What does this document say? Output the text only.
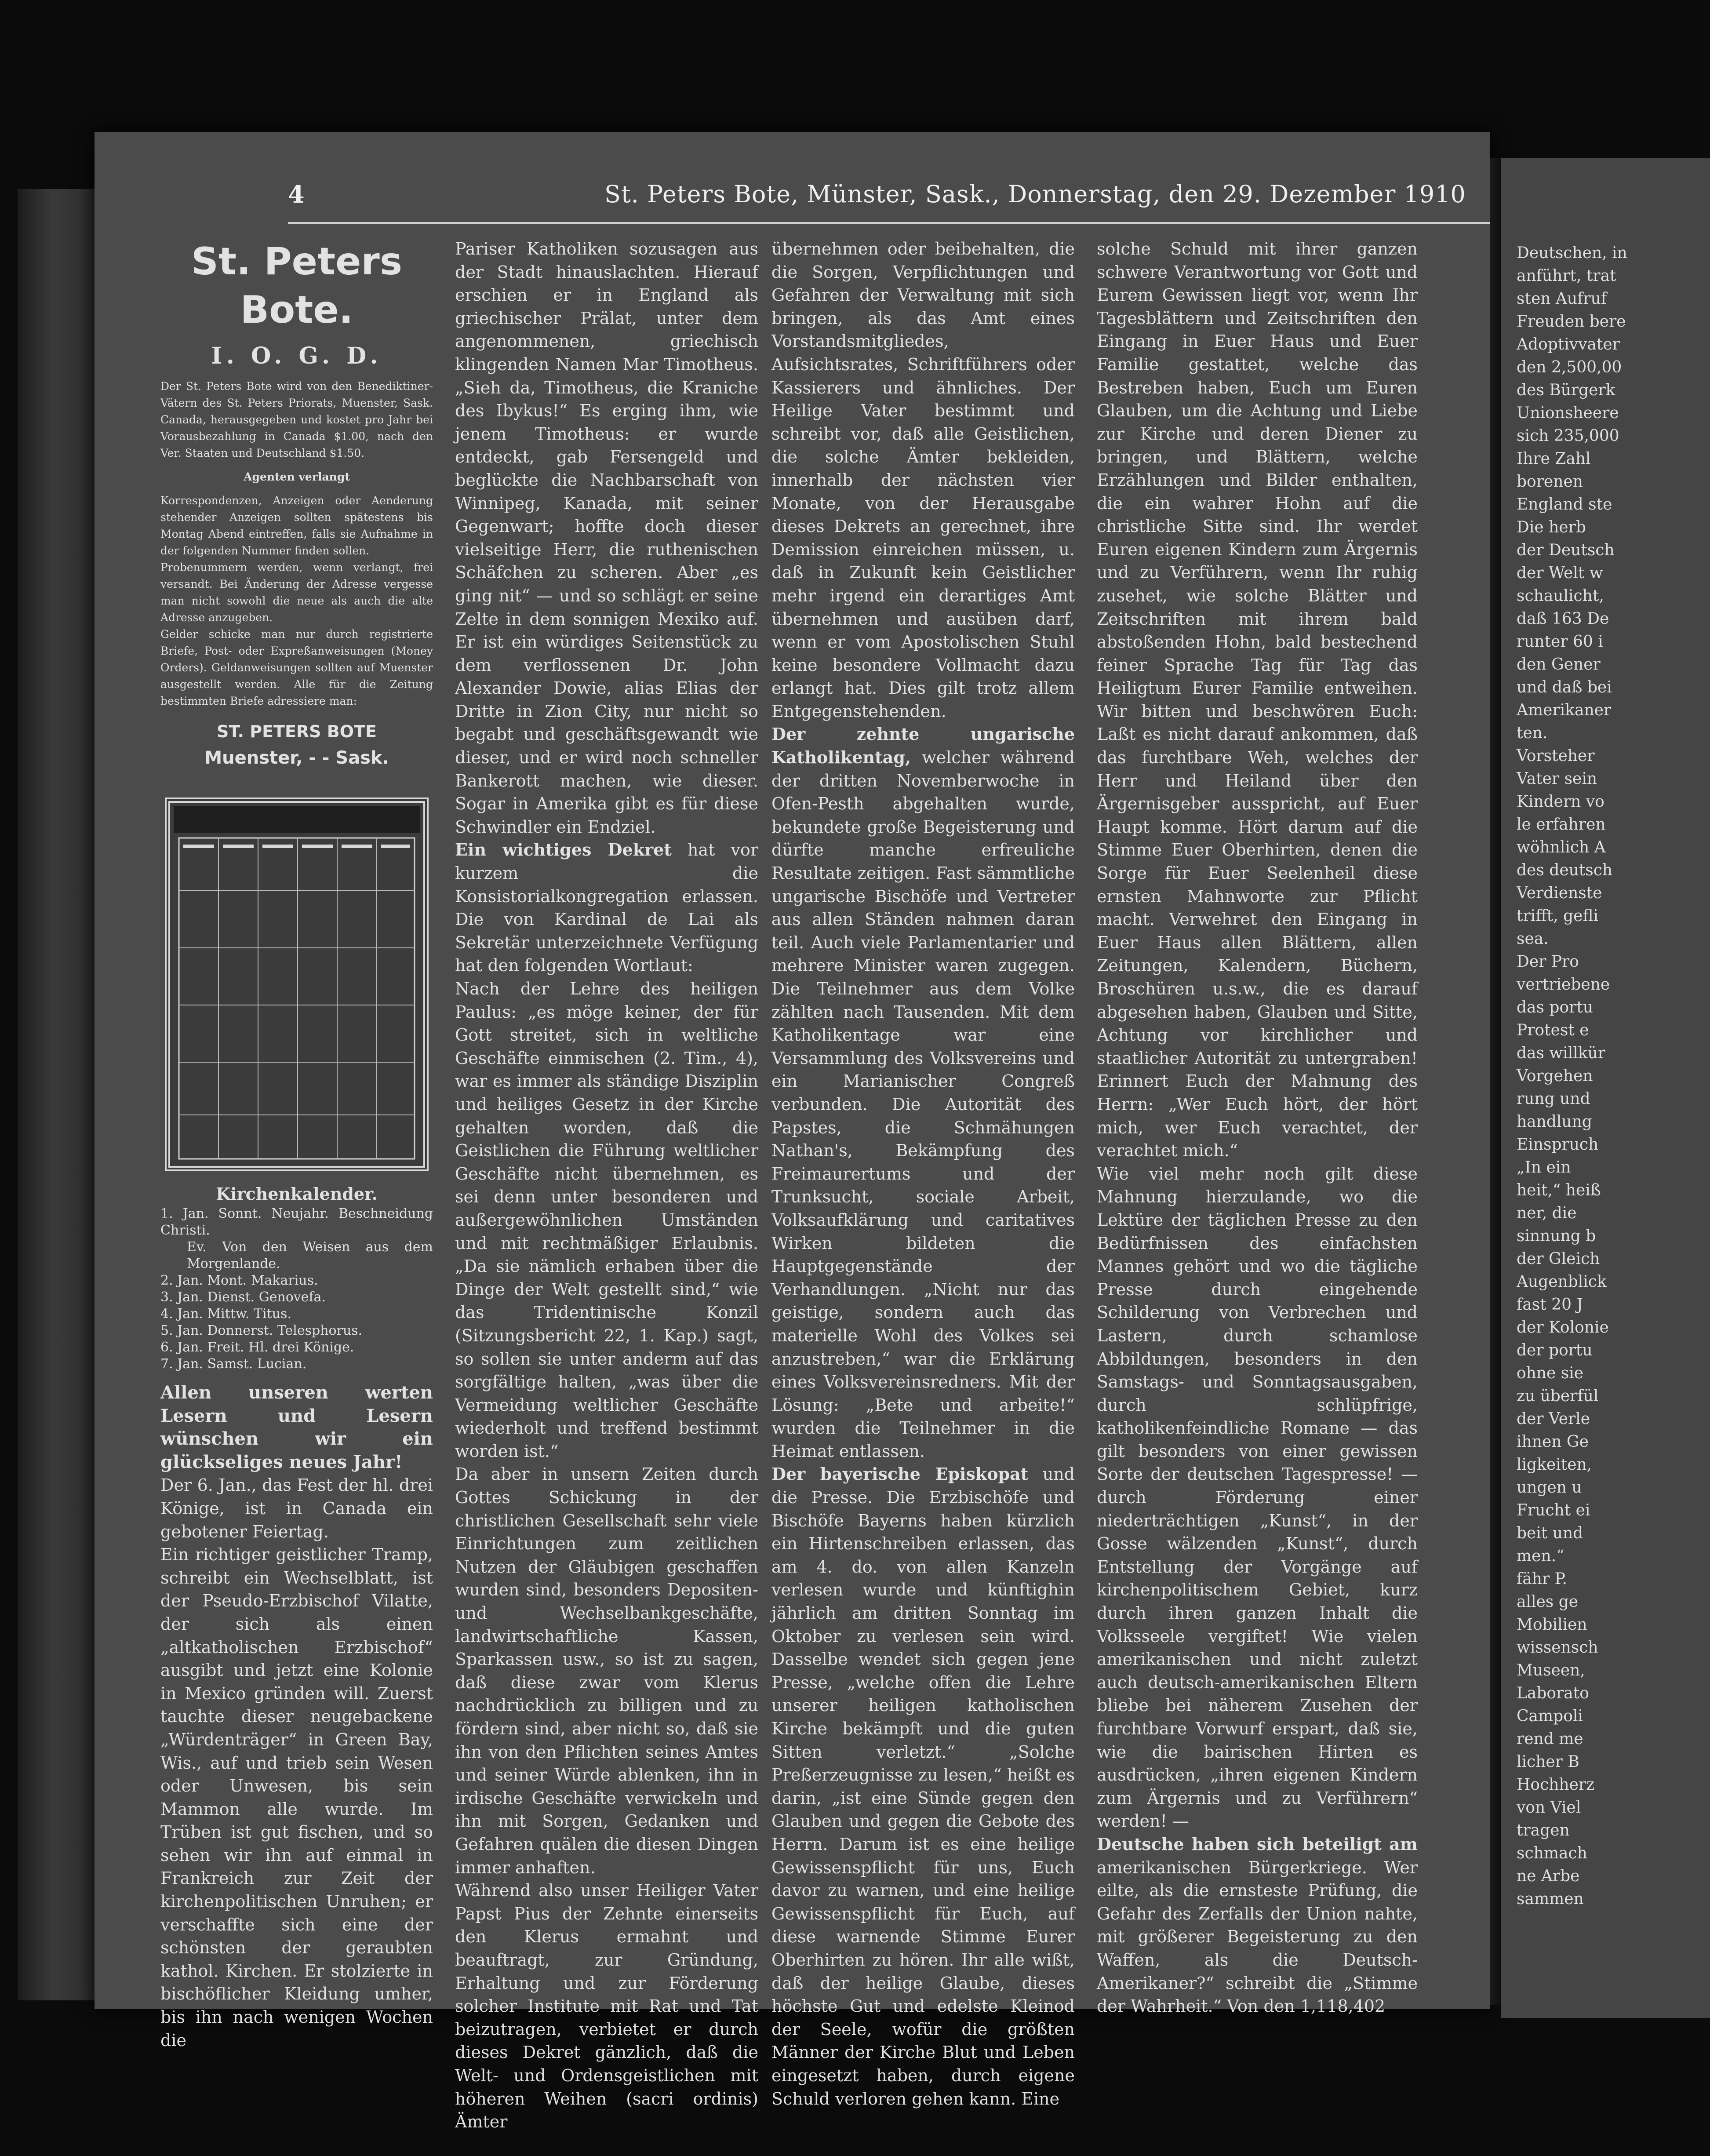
4	St. Peters Bote, Münster, Sask., Donnerstag, den 29. Dezember 1910

St. Peters Bote.

I. O. G. D.

Der St. Peters Bote wird von den Benediktiner-Vätern des St. Peters Priorats, Muenster, Sask. Canada, herausgegeben und kostet pro Jahr bei Vorausbezahlung in Canada $1.00, nach den Ver. Staaten und Deutschland $1.50.

Agenten verlangt

Korrespondenzen, Anzeigen oder Aenderung stehender Anzeigen sollten spätestens bis Montag Abend eintreffen, falls sie Aufnahme in der folgenden Nummer finden sollen.

Probenummern werden, wenn verlangt, frei versandt. Bei Änderung der Adresse vergesse man nicht sowohl die neue als auch die alte Adresse anzugeben.

Gelder schicke man nur durch registrierte Briefe, Post- oder Expreßanweisungen (Money Orders). Geldanweisungen sollten auf Muenster ausgestellt werden. Alle für die Zeitung bestimmten Briefe adressiere man:

ST. PETERS BOTE

Muenster, - - Sask.

Kirchenkalender.

1. Jan. Sonnt. Neujahr. Beschneidung Christi.

Ev. Von den Weisen aus dem Morgenlande.

2. Jan. Mont. Makarius.

3. Jan. Dienst. Genovefa.

4. Jan. Mittw. Titus.

5. Jan. Donnerst. Telesphorus.

6. Jan. Freit. Hl. drei Könige.

7. Jan. Samst. Lucian.

Allen unseren werten Lesern und Lesern wünschen wir ein glückseliges neues Jahr!

Der 6. Jan., das Fest der hl. drei Könige, ist in Canada ein gebotener Feiertag.

Ein richtiger geistlicher Tramp, schreibt ein Wechselblatt, ist der Pseudo-Erzbischof Vilatte, der sich als einen „altkatholischen Erzbischof“ ausgibt und jetzt eine Kolonie in Mexico gründen will. Zuerst tauchte dieser neugebackene „Würdenträger“ in Green Bay, Wis., auf und trieb sein Wesen oder Unwesen, bis sein Mammon alle wurde. Im Trüben ist gut fischen, und so sehen wir ihn auf einmal in Frankreich zur Zeit der kirchenpolitischen Unruhen; er verschaffte sich eine der schönsten der geraubten kathol. Kirchen. Er stolzierte in bischöflicher Kleidung umher, bis ihn nach wenigen Wochen die

Pariser Katholiken sozusagen aus der Stadt hinauslachten. Hierauf erschien er in England als griechischer Prälat, unter dem angenommenen, griechisch klingenden Namen Mar Timotheus. „Sieh da, Timotheus, die Kraniche des Ibykus!“ Es erging ihm, wie jenem Timotheus: er wurde entdeckt, gab Fersengeld und beglückte die Nachbarschaft von Winnipeg, Kanada, mit seiner Gegenwart; hoffte doch dieser vielseitige Herr, die ruthenischen Schäfchen zu scheren. Aber „es ging nit“ — und so schlägt er seine Zelte in dem sonnigen Mexiko auf. Er ist ein würdiges Seitenstück zu dem verflossenen Dr. John Alexander Dowie, alias Elias der Dritte in Zion City, nur nicht so begabt und geschäftsgewandt wie dieser, und er wird noch schneller Bankerott machen, wie dieser. Sogar in Amerika gibt es für diese Schwindler ein Endziel.

Ein wichtiges Dekret hat vor kurzem die Konsistorialkongregation erlassen. Die von Kardinal de Lai als Sekretär unterzeichnete Verfügung hat den folgenden Wortlaut:

Nach der Lehre des heiligen Paulus: „es möge keiner, der für Gott streitet, sich in weltliche Geschäfte einmischen (2. Tim., 4), war es immer als ständige Disziplin und heiliges Gesetz in der Kirche gehalten worden, daß die Geistlichen die Führung weltlicher Geschäfte nicht übernehmen, es sei denn unter besonderen und außergewöhnlichen Umständen und mit rechtmäßiger Erlaubnis. „Da sie nämlich erhaben über die Dinge der Welt gestellt sind,“ wie das Tridentinische Konzil (Sitzungsbericht 22, 1. Kap.) sagt, so sollen sie unter anderm auf das sorgfältige halten, „was über die Vermeidung weltlicher Geschäfte wiederholt und treffend bestimmt worden ist.“

Da aber in unsern Zeiten durch Gottes Schickung in der christlichen Gesellschaft sehr viele Einrichtungen zum zeitlichen Nutzen der Gläubigen geschaffen wurden sind, besonders Depositen- und Wechselbankgeschäfte, landwirtschaftliche Kassen, Sparkassen usw., so ist zu sagen, daß diese zwar vom Klerus nachdrücklich zu billigen und zu fördern sind, aber nicht so, daß sie ihn von den Pflichten seines Amtes und seiner Würde ablenken, ihn in irdische Geschäfte verwickeln und ihn mit Sorgen, Gedanken und Gefahren quälen die diesen Dingen immer anhaften.

Während also unser Heiliger Vater Papst Pius der Zehnte einerseits den Klerus ermahnt und beauftragt, zur Gründung, Erhaltung und zur Förderung solcher Institute mit Rat und Tat beizutragen, verbietet er durch dieses Dekret gänzlich, daß die Welt- und Ordensgeistlichen mit höheren Weihen (sacri ordinis) Ämter

übernehmen oder beibehalten, die die Sorgen, Verpflichtungen und Gefahren der Verwaltung mit sich bringen, als das Amt eines Vorstandsmitgliedes, Aufsichtsrates, Schriftführers oder Kassierers und ähnliches. Der Heilige Vater bestimmt und schreibt vor, daß alle Geistlichen, die solche Ämter bekleiden, innerhalb der nächsten vier Monate, von der Herausgabe dieses Dekrets an gerechnet, ihre Demission einreichen müssen, u. daß in Zukunft kein Geistlicher mehr irgend ein derartiges Amt übernehmen und ausüben darf, wenn er vom Apostolischen Stuhl keine besondere Vollmacht dazu erlangt hat. Dies gilt trotz allem Entgegenstehenden.

Der zehnte ungarische Katholikentag, welcher während der dritten Novemberwoche in Ofen-Pesth abgehalten wurde, bekundete große Begeisterung und dürfte manche erfreuliche Resultate zeitigen. Fast sämmtliche ungarische Bischöfe und Vertreter aus allen Ständen nahmen daran teil. Auch viele Parlamentarier und mehrere Minister waren zugegen. Die Teilnehmer aus dem Volke zählten nach Tausenden. Mit dem Katholikentage war eine Versammlung des Volksvereins und ein Marianischer Congreß verbunden. Die Autorität des Papstes, die Schmähungen Nathan's, Bekämpfung des Freimaurertums und der Trunksucht, sociale Arbeit, Volksaufklärung und caritatives Wirken bildeten die Hauptgegenstände der Verhandlungen. „Nicht nur das geistige, sondern auch das materielle Wohl des Volkes sei anzustreben,“ war die Erklärung eines Volksvereinsredners. Mit der Lösung: „Bete und arbeite!“ wurden die Teilnehmer in die Heimat entlassen.

Der bayerische Episkopat und die Presse. Die Erzbischöfe und Bischöfe Bayerns haben kürzlich ein Hirtenschreiben erlassen, das am 4. do. von allen Kanzeln verlesen wurde und künftighin jährlich am dritten Sonntag im Oktober zu verlesen sein wird. Dasselbe wendet sich gegen jene Presse, „welche offen die Lehre unserer heiligen katholischen Kirche bekämpft und die guten Sitten verletzt.“ „Solche Preßerzeugnisse zu lesen,“ heißt es darin, „ist eine Sünde gegen den Glauben und gegen die Gebote des Herrn. Darum ist es eine heilige Gewissenspflicht für uns, Euch davor zu warnen, und eine heilige Gewissenspflicht für Euch, auf diese warnende Stimme Eurer Oberhirten zu hören. Ihr alle wißt, daß der heilige Glaube, dieses höchste Gut und edelste Kleinod der Seele, wofür die größten Männer der Kirche Blut und Leben eingesetzt haben, durch eigene Schuld verloren gehen kann. Eine

solche Schuld mit ihrer ganzen schwere Verantwortung vor Gott und Eurem Gewissen liegt vor, wenn Ihr Tagesblättern und Zeitschriften den Eingang in Euer Haus und Euer Familie gestattet, welche das Bestreben haben, Euch um Euren Glauben, um die Achtung und Liebe zur Kirche und deren Diener zu bringen, und Blättern, welche Erzählungen und Bilder enthalten, die ein wahrer Hohn auf die christliche Sitte sind. Ihr werdet Euren eigenen Kindern zum Ärgernis und zu Verführern, wenn Ihr ruhig zusehet, wie solche Blätter und Zeitschriften mit ihrem bald abstoßenden Hohn, bald bestechend feiner Sprache Tag für Tag das Heiligtum Eurer Familie entweihen. Wir bitten und beschwören Euch: Laßt es nicht darauf ankommen, daß das furchtbare Weh, welches der Herr und Heiland über den Ärgernisgeber ausspricht, auf Euer Haupt komme. Hört darum auf die Stimme Euer Oberhirten, denen die Sorge für Euer Seelenheil diese ernsten Mahnworte zur Pflicht macht. Verwehret den Eingang in Euer Haus allen Blättern, allen Zeitungen, Kalendern, Büchern, Broschüren u.s.w., die es darauf abgesehen haben, Glauben und Sitte, Achtung vor kirchlicher und staatlicher Autorität zu untergraben! Erinnert Euch der Mahnung des Herrn: „Wer Euch hört, der hört mich, wer Euch verachtet, der verachtet mich.“

Wie viel mehr noch gilt diese Mahnung hierzulande, wo die Lektüre der täglichen Presse zu den Bedürfnissen des einfachsten Mannes gehört und wo die tägliche Presse durch eingehende Schilderung von Verbrechen und Lastern, durch schamlose Abbildungen, besonders in den Samstags- und Sonntagsausgaben, durch schlüpfrige, katholikenfeindliche Romane — das gilt besonders von einer gewissen Sorte der deutschen Tagespresse! — durch Förderung einer niederträchtigen „Kunst“, in der Gosse wälzenden „Kunst“, durch Entstellung der Vorgänge auf kirchenpolitischem Gebiet, kurz durch ihren ganzen Inhalt die Volksseele vergiftet! Wie vielen amerikanischen und nicht zuletzt auch deutsch-amerikanischen Eltern bliebe bei näherem Zusehen der furchtbare Vorwurf erspart, daß sie, wie die bairischen Hirten es ausdrücken, „ihren eigenen Kindern zum Ärgernis und zu Verführern“ werden! —

Deutsche haben sich beteiligt am amerikanischen Bürgerkriege. Wer eilte, als die ernsteste Prüfung, die Gefahr des Zerfalls der Union nahte, mit größerer Begeisterung zu den Waffen, als die Deutsch-Amerikaner?“ schreibt die „Stimme der Wahrheit.“ Von den 1,118,402

Deutschen, in
anführt, trat
sten Aufruf
Freuden bere
Adoptivvater
den 2,500,00
des Bürgerk
Unionsheere
sich 235,000
Ihre Zahl
borenen
England ste
Die herb
der Deutsch
der Welt w
schaulicht,
daß 163 De
runter 60 i
den Gener
und daß bei
Amerikaner
ten.
Vorsteher
Vater sein
Kindern vo
le erfahren
wöhnlich A
des deutsch
Verdienste
trifft, gefli
sea.
Der Pro
vertriebene
das portu
Protest e
das willkür
Vorgehen
rung und
handlung
Einspruch
„In ein
heit,“ heiß
ner, die
sinnung b
der Gleich
Augenblick
fast 20 J
der Kolonie
der portu
ohne sie
zu überfül
der Verle
ihnen Ge
ligkeiten,
ungen u
Frucht ei
beit und
men.“
fähr P.
alles ge
Mobilien
wissensch
Museen,
Laborato
Campoli
rend me
licher B
Hochherz
von Viel
tragen
schmach
ne Arbe
sammen
